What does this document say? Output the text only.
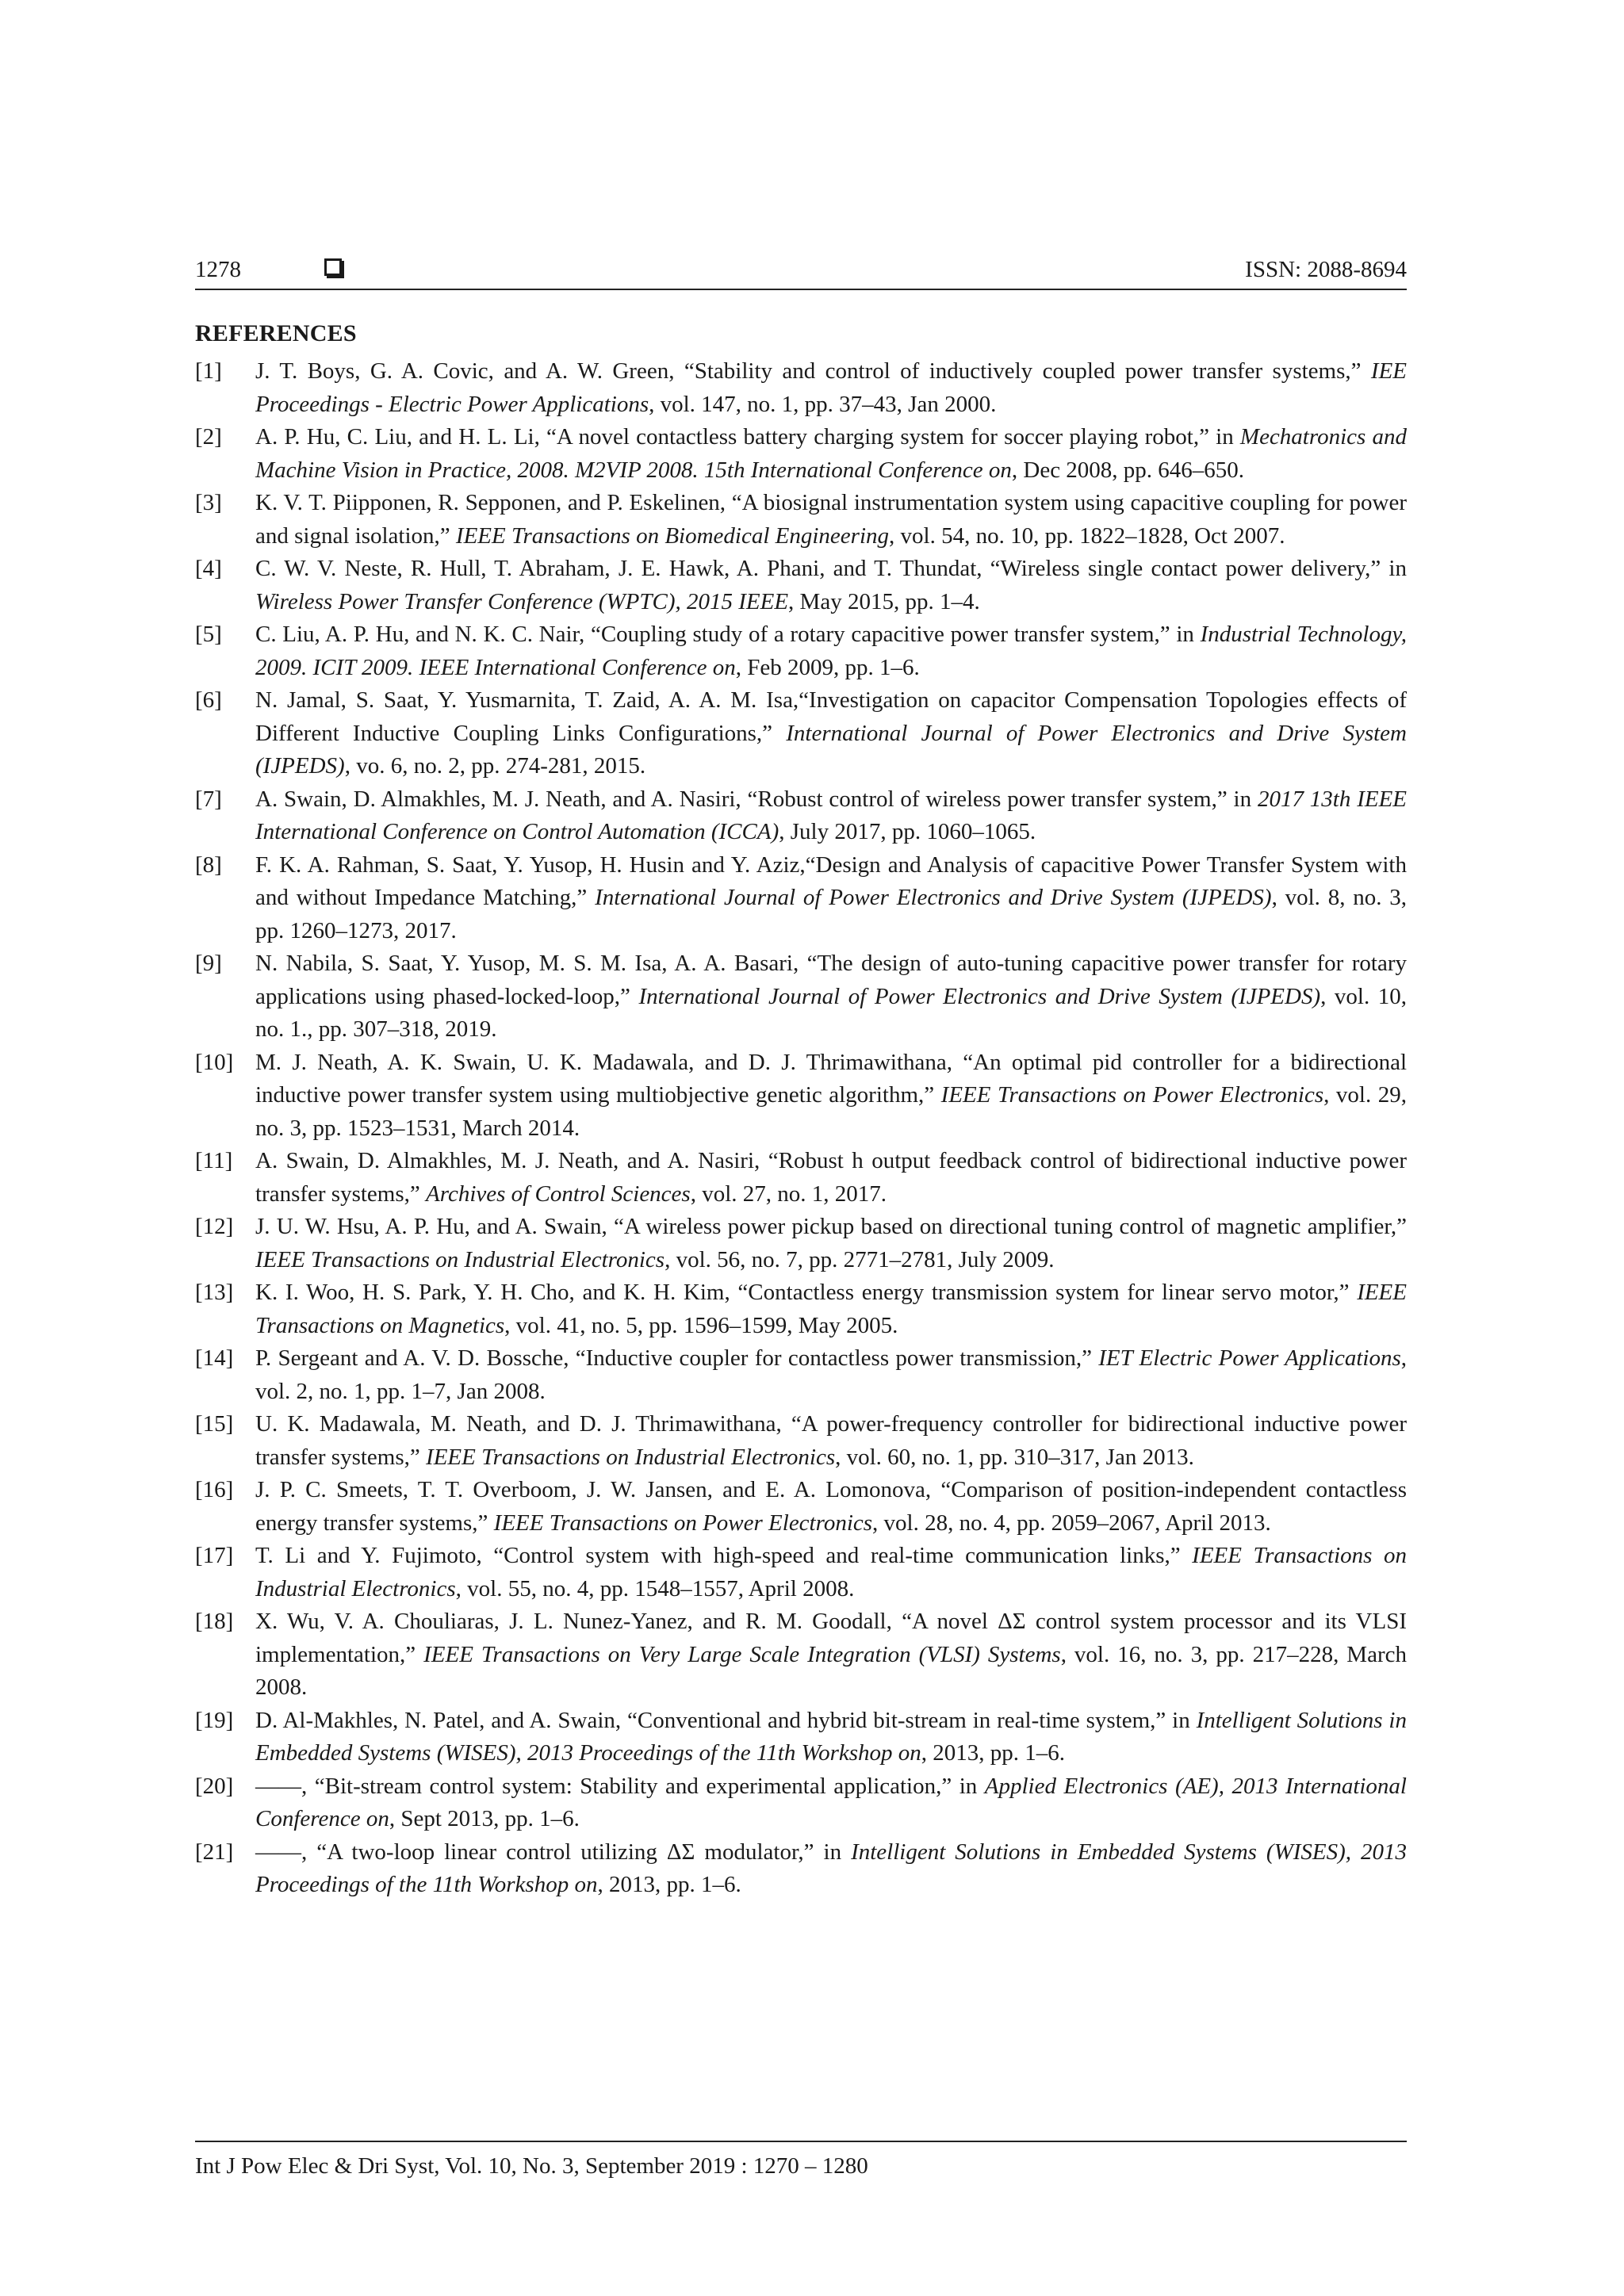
1278	ISSN: 2088-8694
REFERENCES

[1] J. T. Boys, G. A. Covic, and A. W. Green, “Stability and control of inductively coupled power transfer systems,” IEE Proceedings - Electric Power Applications, vol. 147, no. 1, pp. 37–43, Jan 2000.

[2] A. P. Hu, C. Liu, and H. L. Li, “A novel contactless battery charging system for soccer playing robot,” in Mechatronics and Machine Vision in Practice, 2008. M2VIP 2008. 15th International Conference on, Dec 2008, pp. 646–650.

[3] K. V. T. Piipponen, R. Sepponen, and P. Eskelinen, “A biosignal instrumentation system using capacitive coupling for power and signal isolation,” IEEE Transactions on Biomedical Engineering, vol. 54, no. 10, pp. 1822–1828, Oct 2007.

[4] C. W. V. Neste, R. Hull, T. Abraham, J. E. Hawk, A. Phani, and T. Thundat, “Wireless single contact power delivery,” in Wireless Power Transfer Conference (WPTC), 2015 IEEE, May 2015, pp. 1–4.

[5] C. Liu, A. P. Hu, and N. K. C. Nair, “Coupling study of a rotary capacitive power transfer system,” in Industrial Technology, 2009. ICIT 2009. IEEE International Conference on, Feb 2009, pp. 1–6.

[6] N. Jamal, S. Saat, Y. Yusmarnita, T. Zaid, A. A. M. Isa,“Investigation on capacitor Compensation Topologies effects of Different Inductive Coupling Links Configurations,” International Journal of Power Electronics and Drive System (IJPEDS), vo. 6, no. 2, pp. 274-281, 2015.

[7] A. Swain, D. Almakhles, M. J. Neath, and A. Nasiri, “Robust control of wireless power transfer system,” in 2017 13th IEEE International Conference on Control Automation (ICCA), July 2017, pp. 1060–1065.

[8] F. K. A. Rahman, S. Saat, Y. Yusop, H. Husin and Y. Aziz,“Design and Analysis of capacitive Power Transfer System with and without Impedance Matching,” International Journal of Power Electronics and Drive System (IJPEDS), vol. 8, no. 3, pp. 1260–1273, 2017.

[9] N. Nabila, S. Saat, Y. Yusop, M. S. M. Isa, A. A. Basari, “The design of auto-tuning capacitive power transfer for rotary applications using phased-locked-loop,” International Journal of Power Electronics and Drive System (IJPEDS), vol. 10, no. 1., pp. 307–318, 2019.

[10] M. J. Neath, A. K. Swain, U. K. Madawala, and D. J. Thrimawithana, “An optimal pid controller for a bidirectional inductive power transfer system using multiobjective genetic algorithm,” IEEE Transactions on Power Electronics, vol. 29, no. 3, pp. 1523–1531, March 2014.

[11] A. Swain, D. Almakhles, M. J. Neath, and A. Nasiri, “Robust h output feedback control of bidirectional inductive power transfer systems,” Archives of Control Sciences, vol. 27, no. 1, 2017.

[12] J. U. W. Hsu, A. P. Hu, and A. Swain, “A wireless power pickup based on directional tuning control of magnetic amplifier,” IEEE Transactions on Industrial Electronics, vol. 56, no. 7, pp. 2771–2781, July 2009.

[13] K. I. Woo, H. S. Park, Y. H. Cho, and K. H. Kim, “Contactless energy transmission system for linear servo motor,” IEEE Transactions on Magnetics, vol. 41, no. 5, pp. 1596–1599, May 2005.

[14] P. Sergeant and A. V. D. Bossche, “Inductive coupler for contactless power transmission,” IET Electric Power Applications, vol. 2, no. 1, pp. 1–7, Jan 2008.

[15] U. K. Madawala, M. Neath, and D. J. Thrimawithana, “A power-frequency controller for bidirectional inductive power transfer systems,” IEEE Transactions on Industrial Electronics, vol. 60, no. 1, pp. 310–317, Jan 2013.

[16] J. P. C. Smeets, T. T. Overboom, J. W. Jansen, and E. A. Lomonova, “Comparison of position-independent contactless energy transfer systems,” IEEE Transactions on Power Electronics, vol. 28, no. 4, pp. 2059–2067, April 2013.

[17] T. Li and Y. Fujimoto, “Control system with high-speed and real-time communication links,” IEEE Transactions on Industrial Electronics, vol. 55, no. 4, pp. 1548–1557, April 2008.

[18] X. Wu, V. A. Chouliaras, J. L. Nunez-Yanez, and R. M. Goodall, “A novel ΔΣ control system processor and its VLSI implementation,” IEEE Transactions on Very Large Scale Integration (VLSI) Systems, vol. 16, no. 3, pp. 217–228, March 2008.

[19] D. Al-Makhles, N. Patel, and A. Swain, “Conventional and hybrid bit-stream in real-time system,” in Intelligent Solutions in Embedded Systems (WISES), 2013 Proceedings of the 11th Workshop on, 2013, pp. 1–6.

[20] ——, “Bit-stream control system: Stability and experimental application,” in Applied Electronics (AE), 2013 International Conference on, Sept 2013, pp. 1–6.

[21] ——, “A two-loop linear control utilizing ΔΣ modulator,” in Intelligent Solutions in Embedded Systems (WISES), 2013 Proceedings of the 11th Workshop on, 2013, pp. 1–6.

Int J Pow Elec & Dri Syst, Vol. 10, No. 3, September 2019 : 1270 – 1280
